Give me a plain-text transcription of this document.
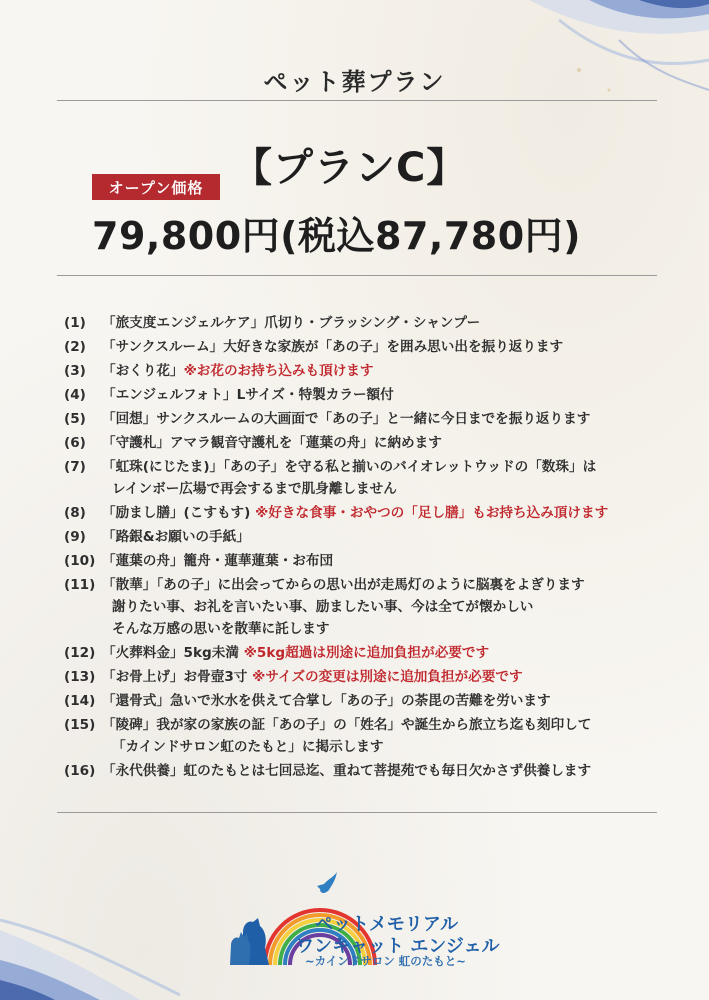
ペット葬プラン
【プランC】
オープン価格
79,800円(税込87,780円)
(1)	「旅支度エンジェルケア」爪切り・ブラッシング・シャンプー
(2)	「サンクスルーム」大好きな家族が「あの子」を囲み思い出を振り返ります
(3)	「おくり花」※お花のお持ち込みも頂けます
(4)	「エンジェルフォト」Lサイズ・特製カラー額付
(5)	「回想」サンクスルームの大画面で「あの子」と一緒に今日までを振り返ります
(6)	「守護札」アマラ観音守護札を「蓮葉の舟」に納めます
(7)	「虹珠(にじたま)」「あの子」を守る私と揃いのバイオレットウッドの「数珠」は
レインボー広場で再会するまで肌身離しません
(8)	「励まし膳」(こすもす) ※好きな食事・おやつの「足し膳」もお持ち込み頂けます
(9)	「路銀&お願いの手紙」
(10) 「蓮葉の舟」籠舟・蓮華蓮葉・お布団
(11) 「散華」「あの子」に出会ってからの思い出が走馬灯のように脳裏をよぎります
謝りたい事、お礼を言いたい事、励ましたい事、今は全てが懐かしい
そんな万感の思いを散華に託します
(12) 「火葬料金」5kg未満 ※5kg超過は別途に追加負担が必要です
(13) 「お骨上げ」お骨壺3寸 ※サイズの変更は別途に追加負担が必要です
(14) 「還骨式」急いで氷水を供えて合掌し「あの子」の荼毘の苦難を労います
(15) 「陵碑」我が家の家族の証「あの子」の「姓名」や誕生から旅立ち迄も刻印して
「カインドサロン虹のたもと」に掲示します
(16) 「永代供養」虹のたもとは七回忌迄、重ねて菩提苑でも毎日欠かさず供養します
ペットメモリアル
ワンキャット エンジェル
~カインドサロン 虹のたもと~
